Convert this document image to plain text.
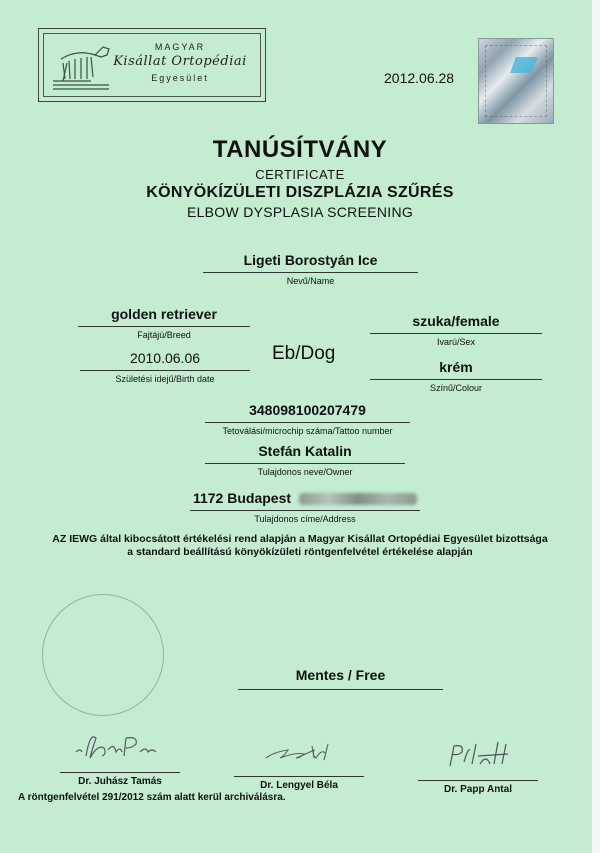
MAGYAR
Kisállat Ortopédiai
Egyesület	2012.06.28
TANÚSÍTVÁNY
CERTIFICATE
KÖNYÖKÍZÜLETI DISZPLÁZIA SZŰRÉS
ELBOW DYSPLASIA SCREENING
Ligeti Borostyán Ice
Nevű/Name
golden retriever
Fajtájú/Breed
szuka/female
Ivarú/Sex
Eb/Dog
2010.06.06
Születési idejű/Birth date
krém
Színű/Colour
348098100207479
Tetoválási/microchip száma/Tattoo number
Stefán Katalin
Tulajdonos neve/Owner
1172 Budapest
Tulajdonos címe/Address
AZ IEWG által kibocsátott értékelési rend alapján a Magyar Kisállat Ortopédiai Egyesület bizottsága
a standard beállítású könyökízületi röntgenfelvétel értékelése alapján
Mentes / Free
Dr. Juhász Tamás	Dr. Lengyel Béla	Dr. Papp Antal
A röntgenfelvétel 291/2012 szám alatt kerül archiválásra.
